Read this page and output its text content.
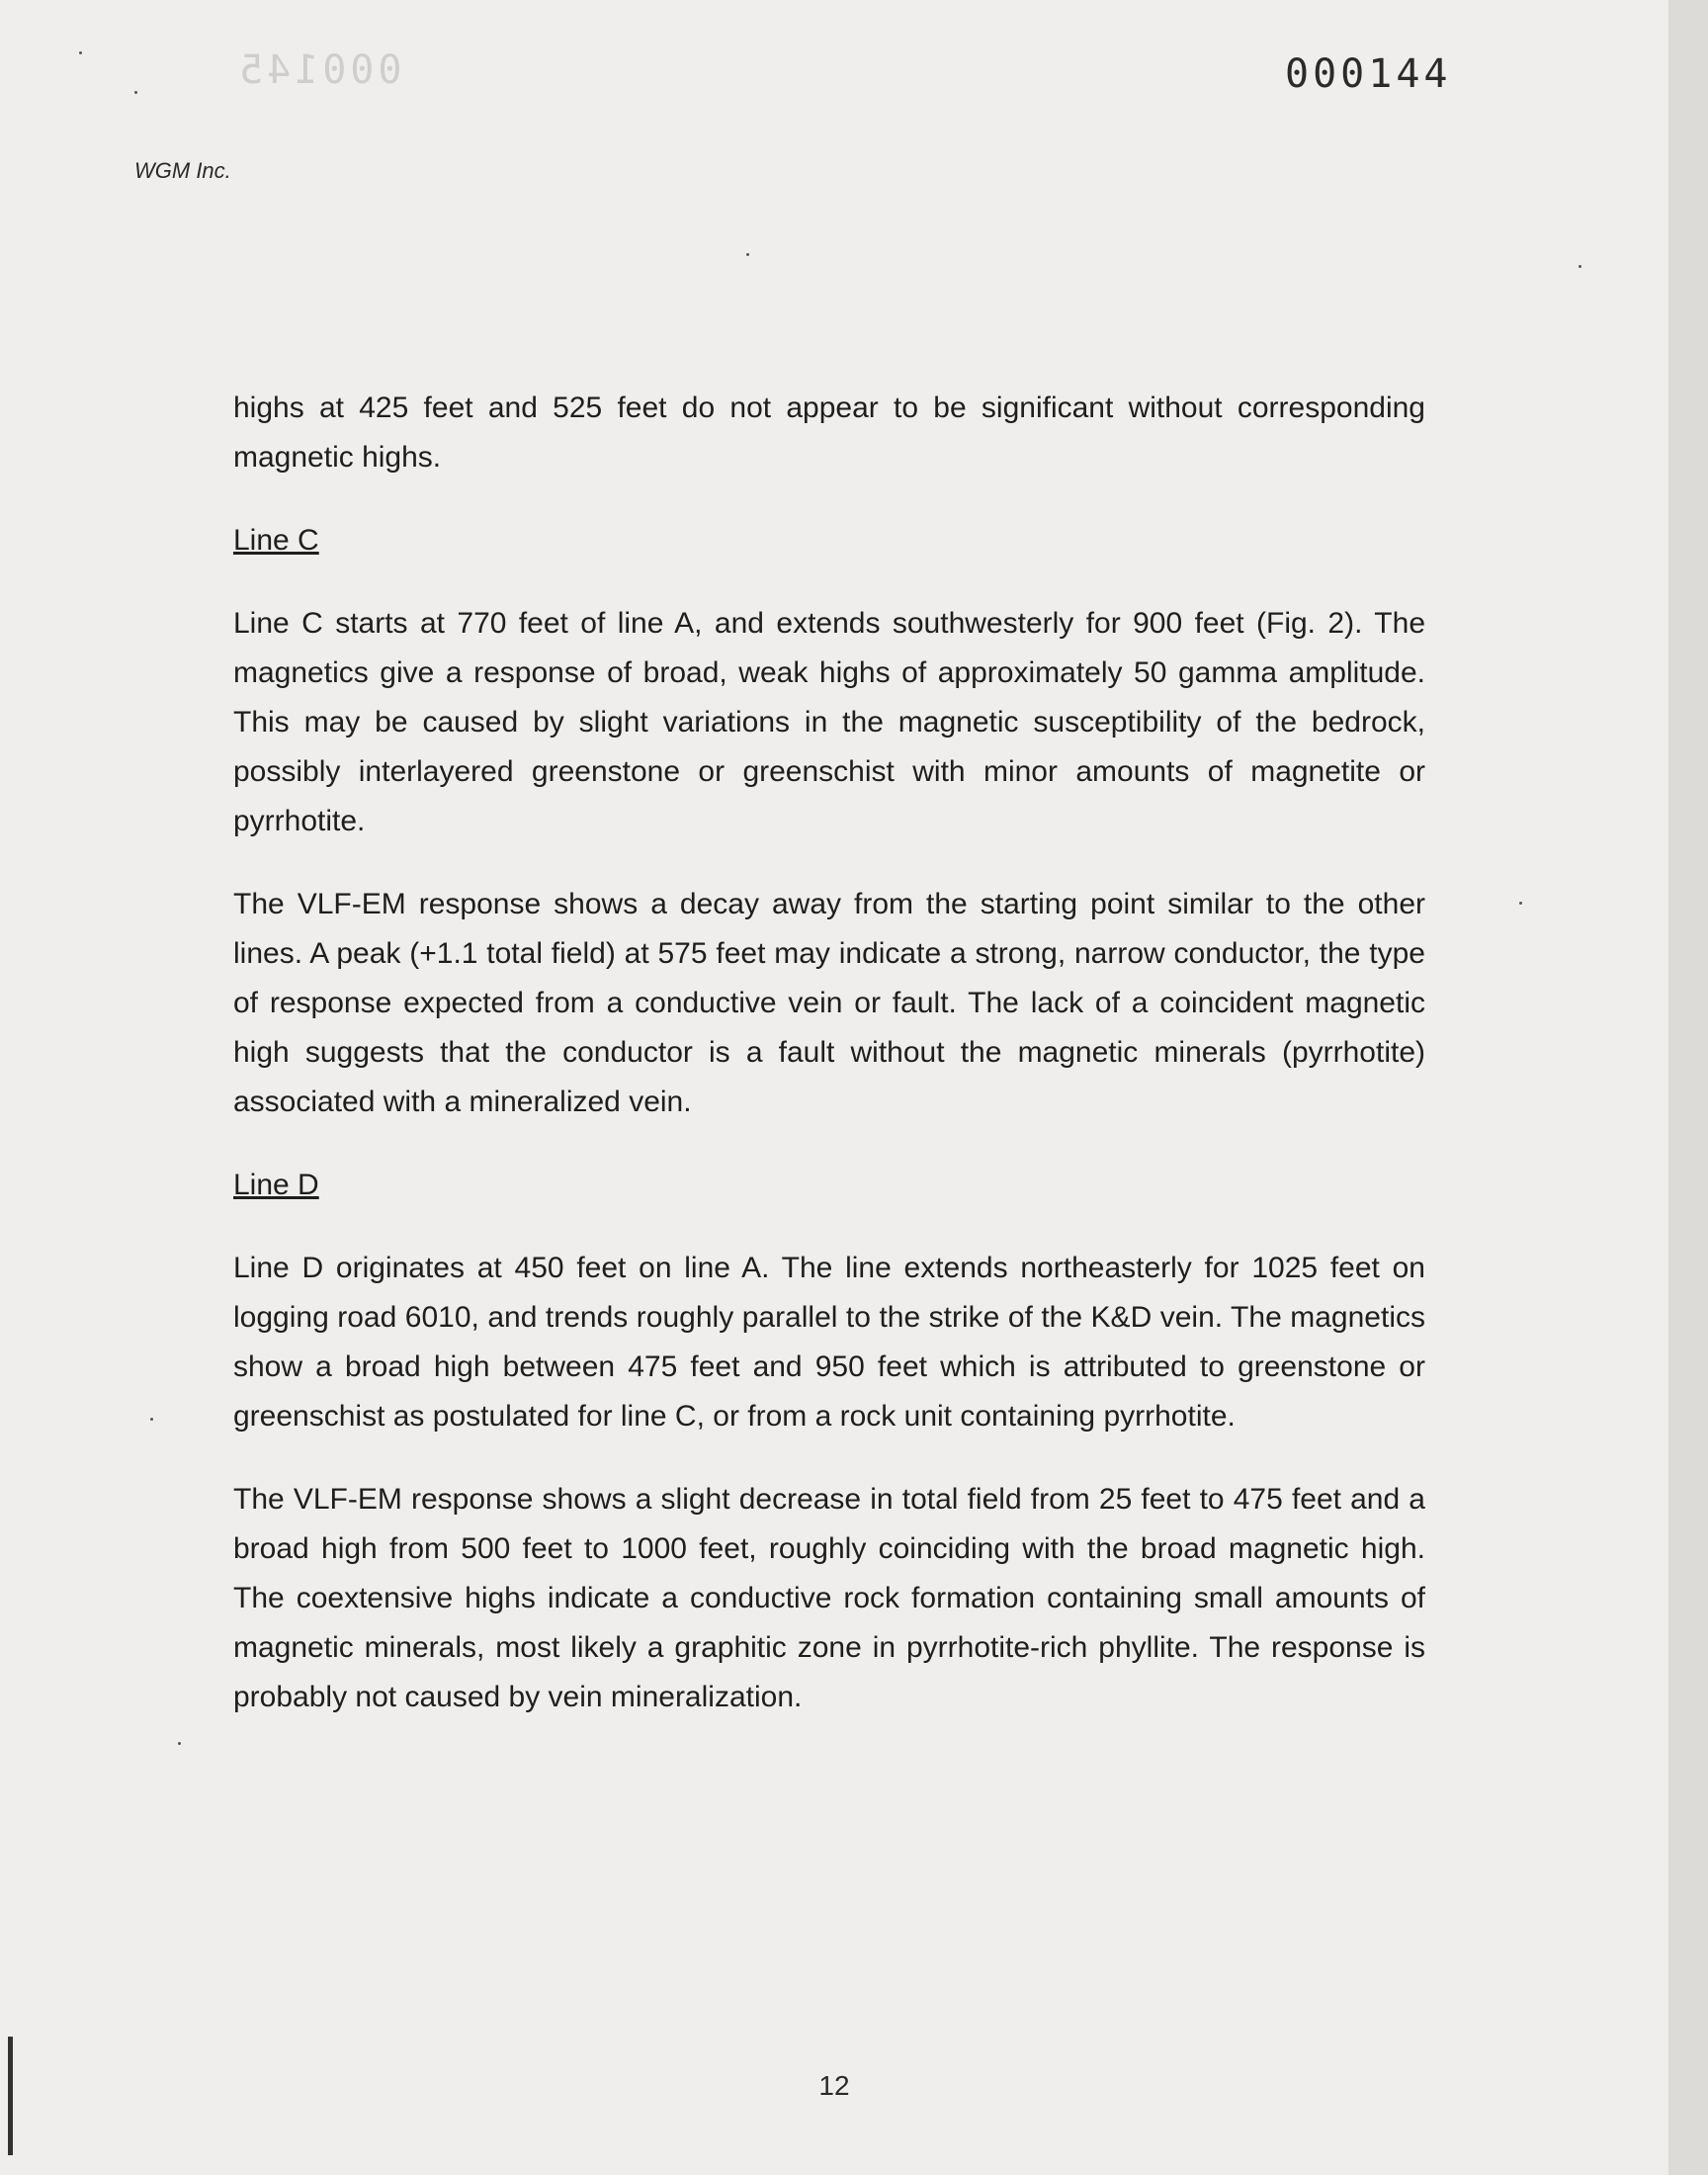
000145	000144
WGM Inc.

highs at 425 feet and 525 feet do not appear to be significant without corresponding magnetic highs.

Line C

Line C starts at 770 feet of line A, and extends southwesterly for 900 feet (Fig. 2). The magnetics give a response of broad, weak highs of approximately 50 gamma amplitude. This may be caused by slight variations in the magnetic susceptibility of the bedrock, possibly interlayered greenstone or greenschist with minor amounts of magnetite or pyrrhotite.

The VLF-EM response shows a decay away from the starting point similar to the other lines. A peak (+1.1 total field) at 575 feet may indicate a strong, narrow conductor, the type of response expected from a conductive vein or fault. The lack of a coincident magnetic high suggests that the conductor is a fault without the magnetic minerals (pyrrhotite) associated with a mineralized vein.

Line D

Line D originates at 450 feet on line A. The line extends northeasterly for 1025 feet on logging road 6010, and trends roughly parallel to the strike of the K&D vein. The magnetics show a broad high between 475 feet and 950 feet which is attributed to greenstone or greenschist as postulated for line C, or from a rock unit containing pyrrhotite.

The VLF-EM response shows a slight decrease in total field from 25 feet to 475 feet and a broad high from 500 feet to 1000 feet, roughly coinciding with the broad magnetic high. The coextensive highs indicate a conductive rock formation containing small amounts of magnetic minerals, most likely a graphitic zone in pyrrhotite-rich phyllite. The response is probably not caused by vein mineralization.

12
